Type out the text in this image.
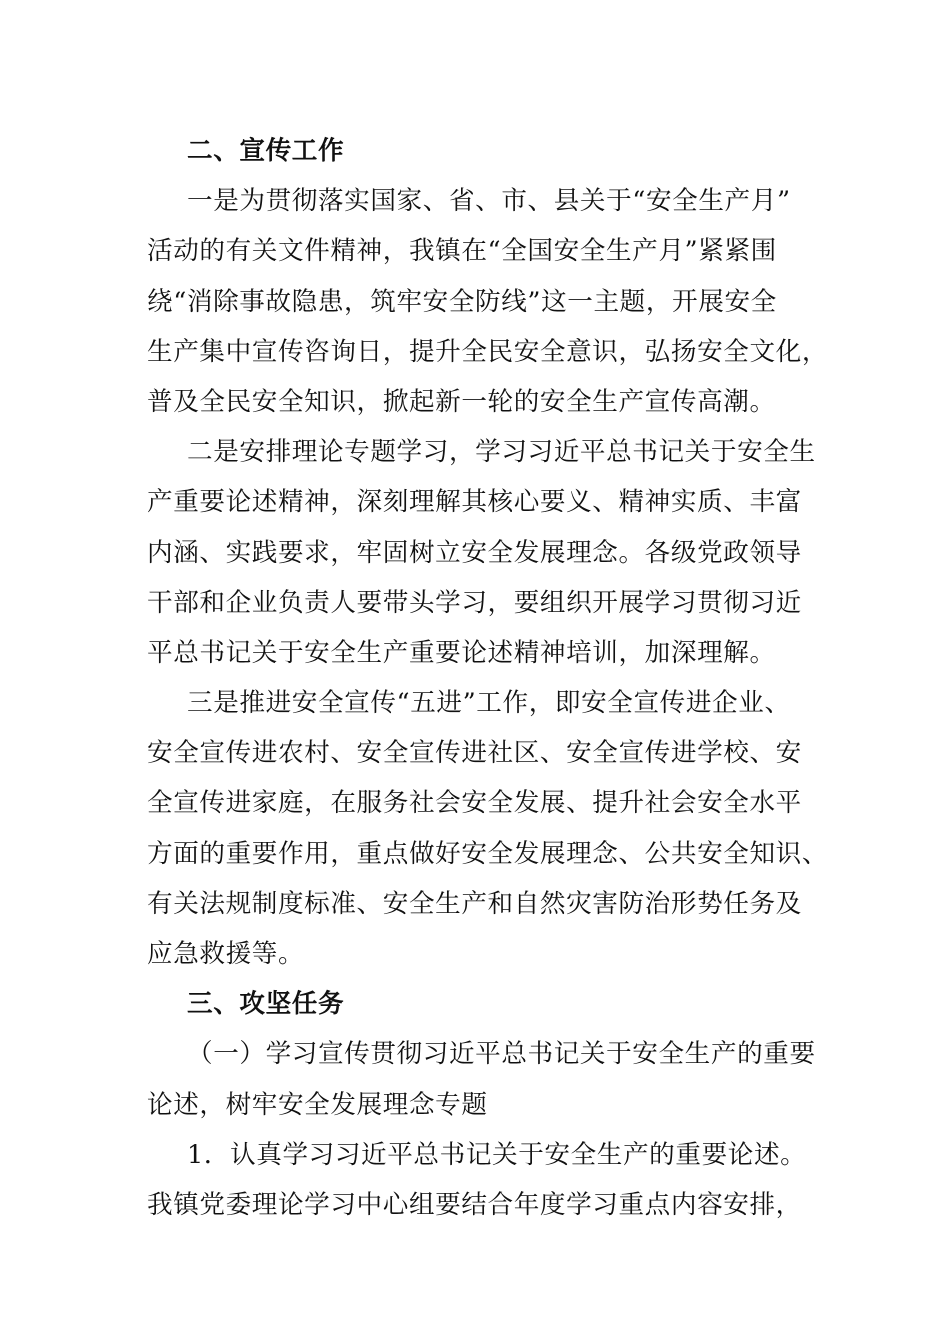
二、宣传工作
一是为贯彻落实国家、省、市、县关于“安全生产月”
活动的有关文件精神，我镇在“全国安全生产月”紧紧围
绕“消除事故隐患，筑牢安全防线”这一主题，开展安全
生产集中宣传咨询日，提升全民安全意识，弘扬安全文化，
普及全民安全知识，掀起新一轮的安全生产宣传高潮。
二是安排理论专题学习，学习习近平总书记关于安全生
产重要论述精神，深刻理解其核心要义、精神实质、丰富
内涵、实践要求，牢固树立安全发展理念。各级党政领导
干部和企业负责人要带头学习，要组织开展学习贯彻习近
平总书记关于安全生产重要论述精神培训，加深理解。
三是推进安全宣传“五进”工作，即安全宣传进企业、
安全宣传进农村、安全宣传进社区、安全宣传进学校、安
全宣传进家庭，在服务社会安全发展、提升社会安全水平
方面的重要作用，重点做好安全发展理念、公共安全知识、
有关法规制度标准、安全生产和自然灾害防治形势任务及
应急救援等。
三、攻坚任务
（一）学习宣传贯彻习近平总书记关于安全生产的重要
论述，树牢安全发展理念专题
1．认真学习习近平总书记关于安全生产的重要论述。
我镇党委理论学习中心组要结合年度学习重点内容安排，
